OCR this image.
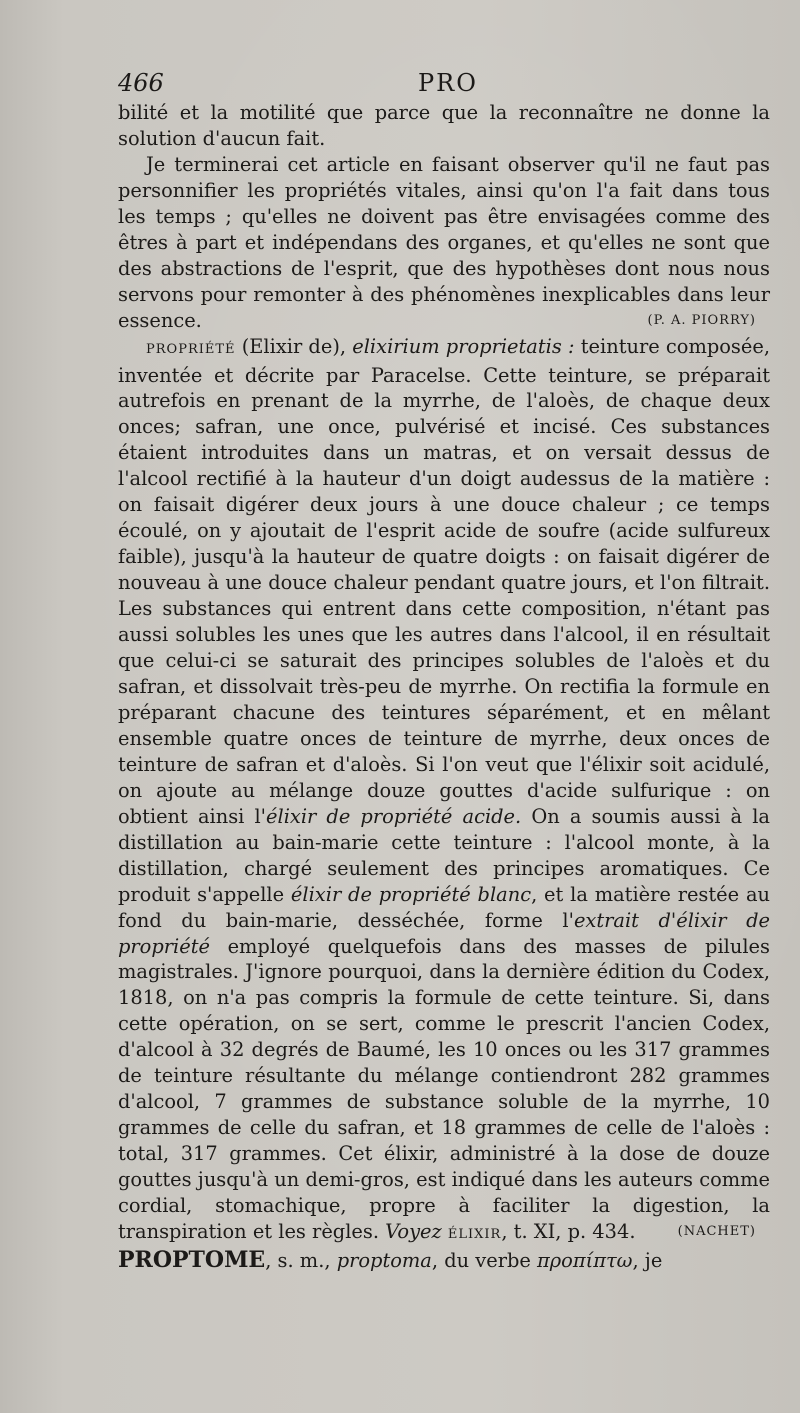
466	PRO

bilité et la motilité que parce que la reconnaître ne donne la solution d'aucun fait.

Je terminerai cet article en faisant observer qu'il ne faut pas personnifier les propriétés vitales, ainsi qu'on l'a fait dans tous les temps ; qu'elles ne doivent pas être envisagées comme des êtres à part et indépendans des organes, et qu'elles ne sont que des abstractions de l'esprit, que des hypothèses dont nous nous servons pour remonter à des phénomènes inexplicables dans leur essence.	(P. A. PIORRY)

PROPRIÉTÉ (Elixir de), elixirium proprietatis : teinture composée, inventée et décrite par Paracelse. Cette teinture, se préparait autrefois en prenant de la myrrhe, de l'aloès, de chaque deux onces; safran, une once, pulvérisé et incisé. Ces substances étaient introduites dans un matras, et on versait dessus de l'alcool rectifié à la hauteur d'un doigt audessus de la matière : on faisait digérer deux jours à une douce chaleur ; ce temps écoulé, on y ajoutait de l'esprit acide de soufre (acide sulfureux faible), jusqu'à la hauteur de quatre doigts : on faisait digérer de nouveau à une douce chaleur pendant quatre jours, et l'on filtrait. Les substances qui entrent dans cette composition, n'étant pas aussi solubles les unes que les autres dans l'alcool, il en résultait que celui-ci se saturait des principes solubles de l'aloès et du safran, et dissolvait très-peu de myrrhe. On rectifia la formule en préparant chacune des teintures séparément, et en mêlant ensemble quatre onces de teinture de myrrhe, deux onces de teinture de safran et d'aloès. Si l'on veut que l'élixir soit acidulé, on ajoute au mélange douze gouttes d'acide sulfurique : on obtient ainsi l'élixir de propriété acide. On a soumis aussi à la distillation au bain-marie cette teinture : l'alcool monte, à la distillation, chargé seulement des principes aromatiques. Ce produit s'appelle élixir de propriété blanc, et la matière restée au fond du bain-marie, desséchée, forme l'extrait d'élixir de propriété employé quelquefois dans des masses de pilules magistrales. J'ignore pourquoi, dans la dernière édition du Codex, 1818, on n'a pas compris la formule de cette teinture. Si, dans cette opération, on se sert, comme le prescrit l'ancien Codex, d'alcool à 32 degrés de Baumé, les 10 onces ou les 317 grammes de teinture résultante du mélange contiendront 282 grammes d'alcool, 7 grammes de substance soluble de la myrrhe, 10 grammes de celle du safran, et 18 grammes de celle de l'aloès : total, 317 grammes. Cet élixir, administré à la dose de douze gouttes jusqu'à un demi-gros, est indiqué dans les auteurs comme cordial, stomachique, propre à faciliter la digestion, la transpiration et les règles. Voyez ÉLIXIR, t. XI, p. 434.	(NACHET)

PROPTOME, s. m., proptoma, du verbe προπίπτω, je
